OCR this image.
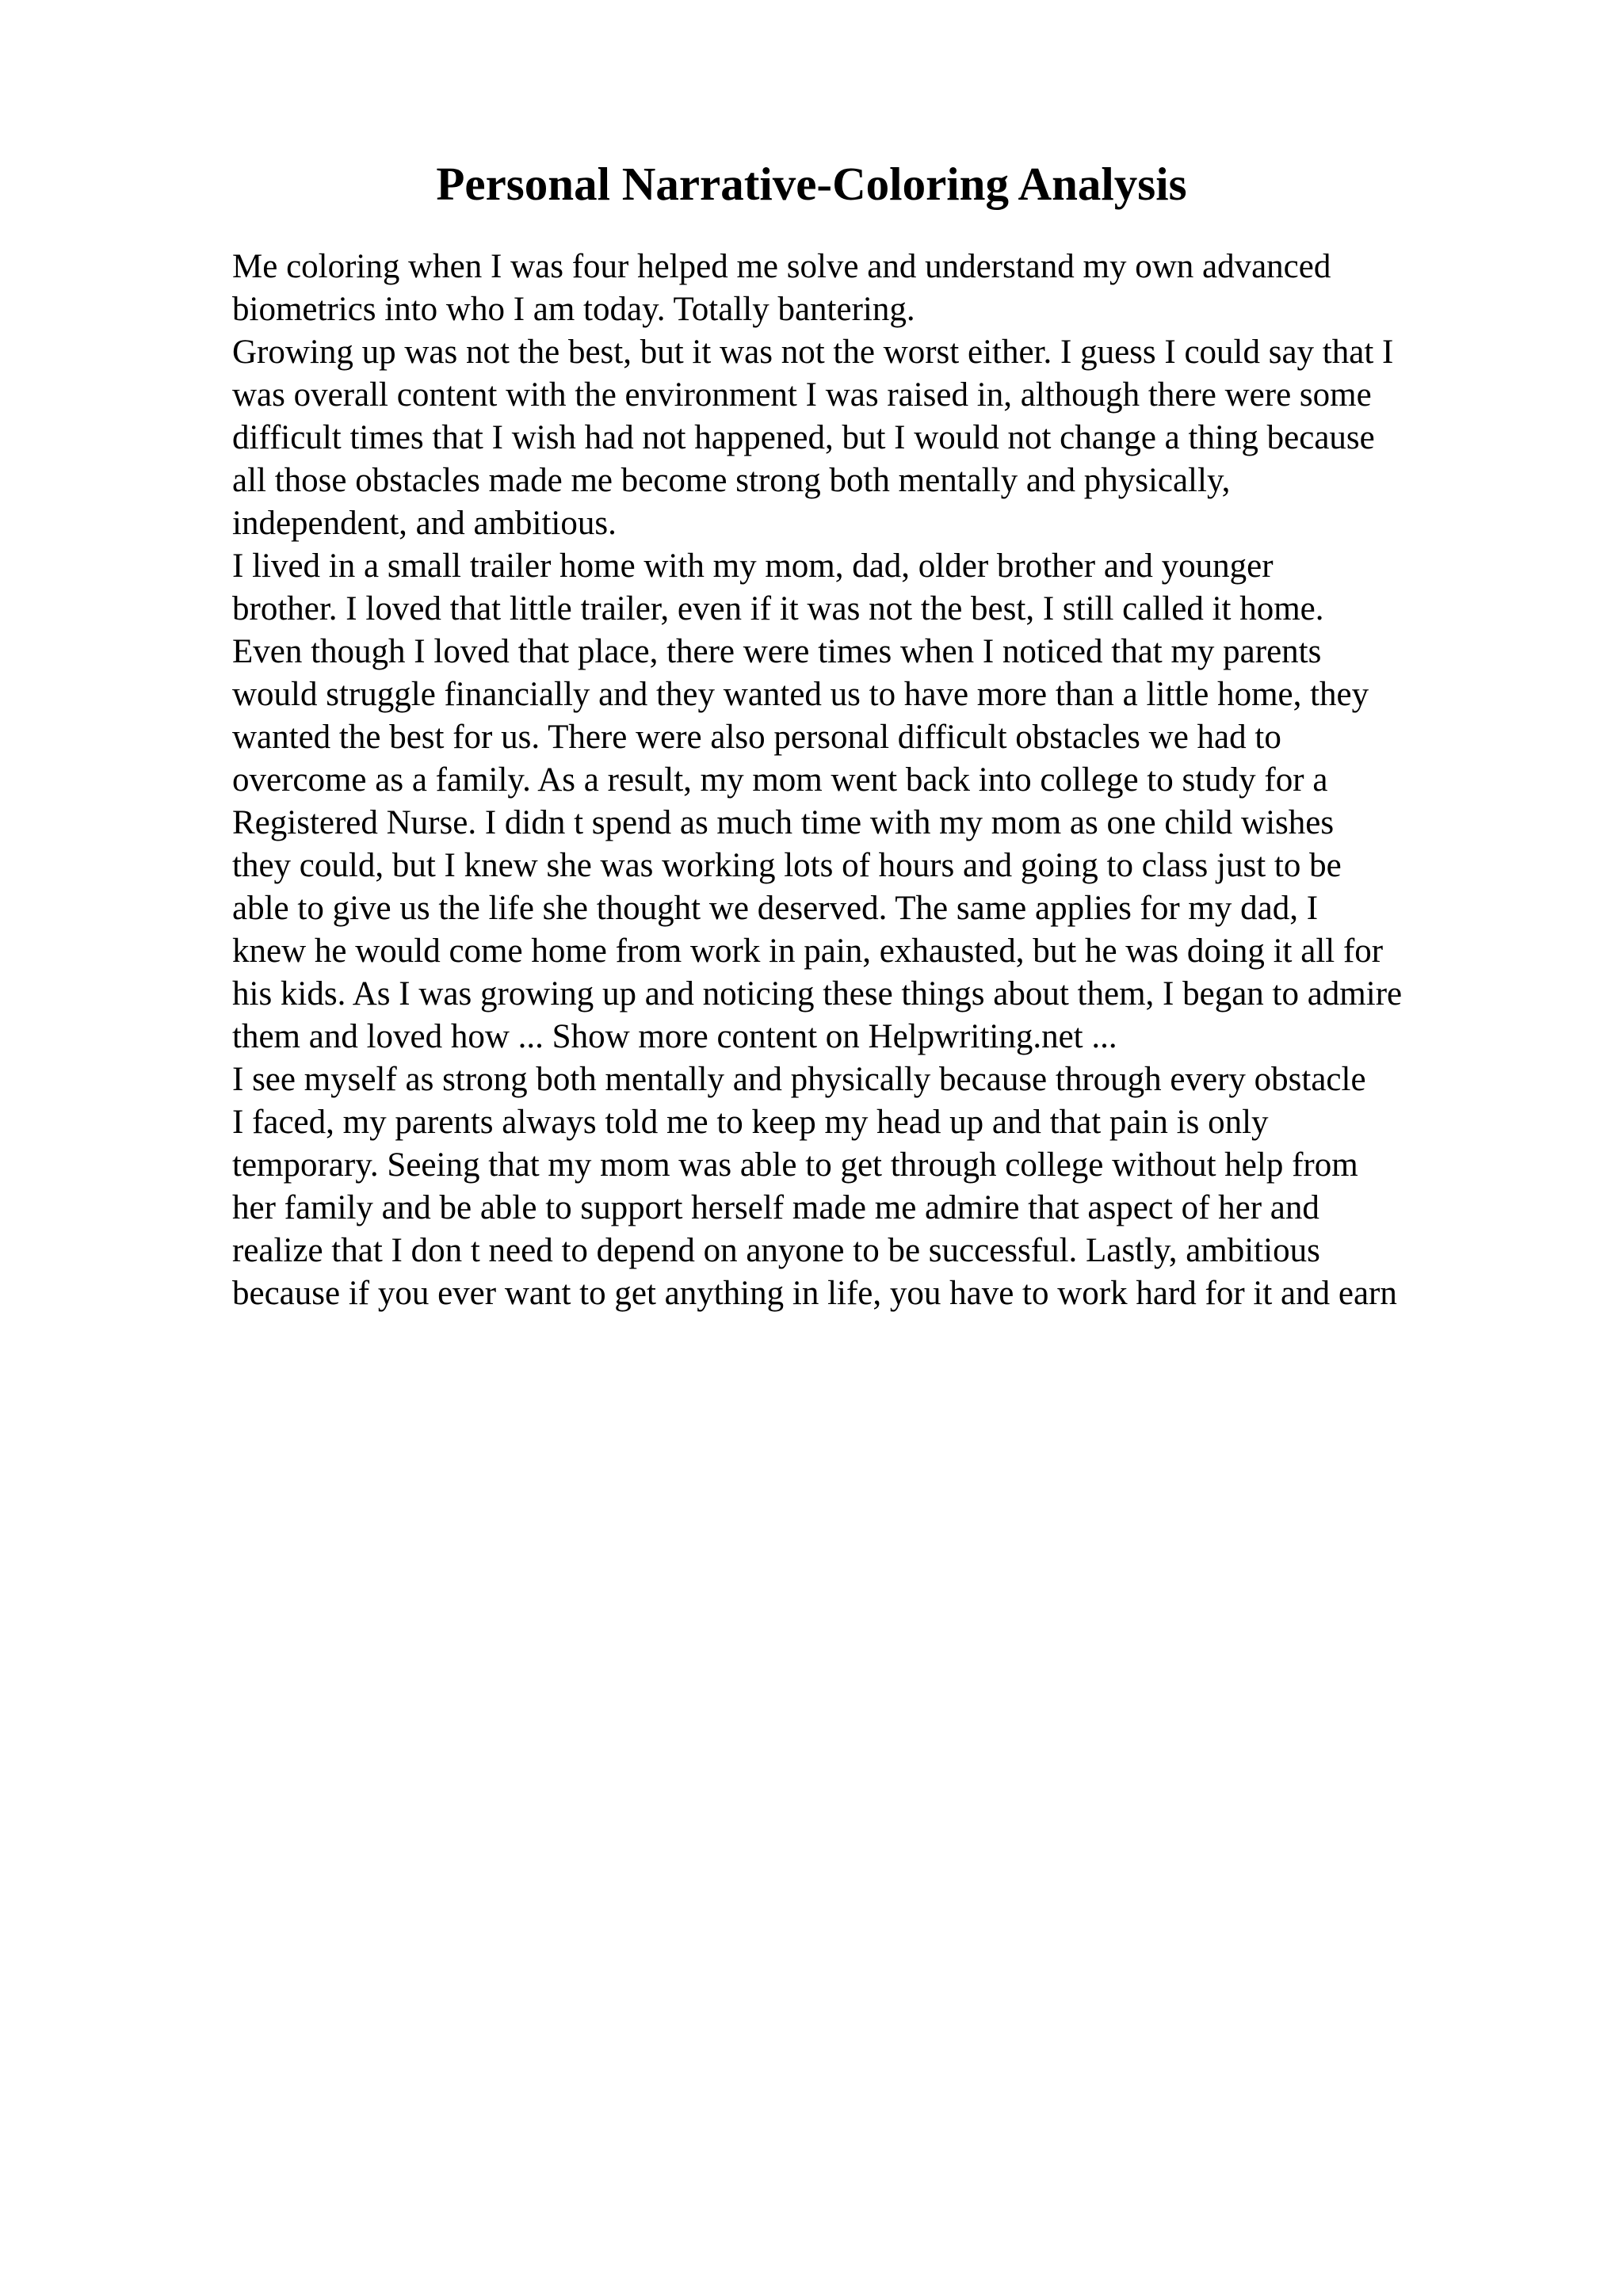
Personal Narrative-Coloring Analysis
Me coloring when I was four helped me solve and understand my own advanced
biometrics into who I am today. Totally bantering.
Growing up was not the best, but it was not the worst either. I guess I could say that I
was overall content with the environment I was raised in, although there were some
difficult times that I wish had not happened, but I would not change a thing because
all those obstacles made me become strong both mentally and physically,
independent, and ambitious.
I lived in a small trailer home with my mom, dad, older brother and younger
brother. I loved that little trailer, even if it was not the best, I still called it home.
Even though I loved that place, there were times when I noticed that my parents
would struggle financially and they wanted us to have more than a little home, they
wanted the best for us. There were also personal difficult obstacles we had to
overcome as a family. As a result, my mom went back into college to study for a
Registered Nurse. I didn t spend as much time with my mom as one child wishes
they could, but I knew she was working lots of hours and going to class just to be
able to give us the life she thought we deserved. The same applies for my dad, I
knew he would come home from work in pain, exhausted, but he was doing it all for
his kids. As I was growing up and noticing these things about them, I began to admire
them and loved how ... Show more content on Helpwriting.net ...
I see myself as strong both mentally and physically because through every obstacle
I faced, my parents always told me to keep my head up and that pain is only
temporary. Seeing that my mom was able to get through college without help from
her family and be able to support herself made me admire that aspect of her and
realize that I don t need to depend on anyone to be successful. Lastly, ambitious
because if you ever want to get anything in life, you have to work hard for it and earn
